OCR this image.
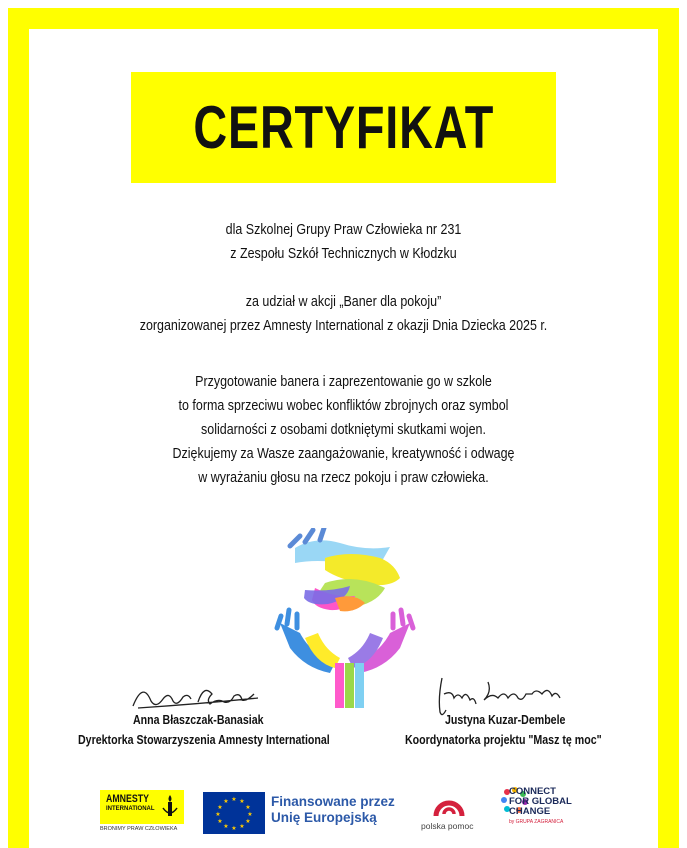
CERTYFIKAT
dla Szkolnej Grupy Praw Człowieka nr 231
z Zespołu Szkół Technicznych w Kłodzku
za udział w akcji „Baner dla pokoju”
zorganizowanej przez Amnesty International z okazji Dnia Dziecka 2025 r.
Przygotowanie banera i zaprezentowanie go w szkole
to forma sprzeciwu wobec konfliktów zbrojnych oraz symbol
solidarności z osobami dotkniętymi skutkami wojen.
Dziękujemy za Wasze zaangażowanie, kreatywność i odwagę
w wyrażaniu głosu na rzecz pokoju i praw człowieka.
Anna Błaszczak-Banasiak
Dyrektorka Stowarzyszenia Amnesty International
Justyna Kuzar-Dembele
Koordynatorka projektu "Masz tę moc"
AMNESTY
INTERNATIONAL
BRONIMY PRAW CZŁOWIEKA
★ ★
★
★
★
★
★
★
★
★
★
★	Finansowane przez
Unię Europejską
polska pomoc
CONNECT
FOR GLOBAL
CHANGE
by GRUPA ZAGRANICA
